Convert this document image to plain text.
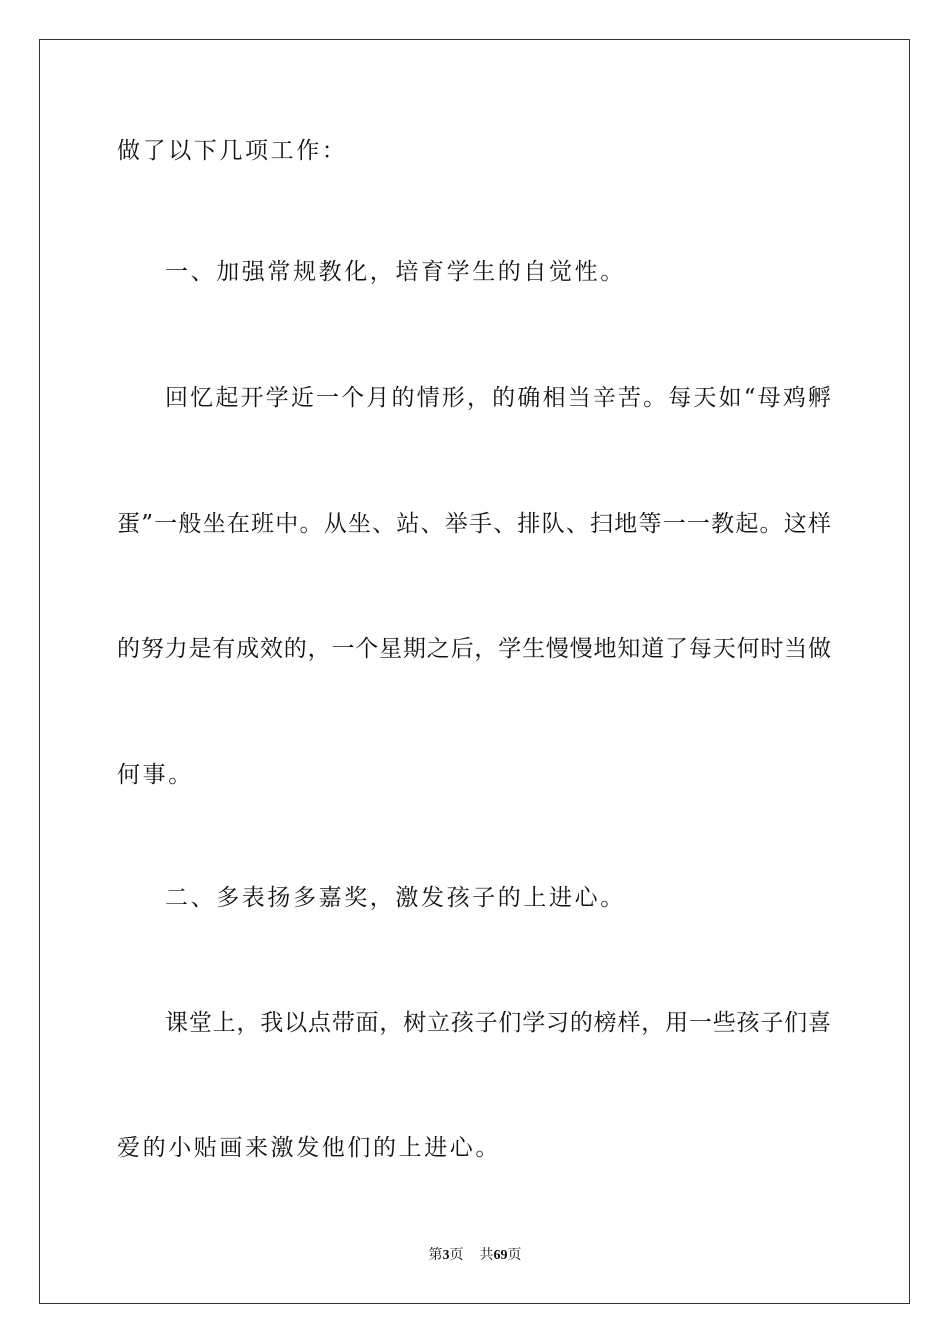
做了以下几项工作：
一、加强常规教化，培育学生的自觉性。
回忆起开学近一个月的情形，的确相当辛苦。每天如“母鸡孵
蛋”一般坐在班中。从坐、站、举手、排队、扫地等一一教起。这样
的努力是有成效的，一个星期之后，学生慢慢地知道了每天何时当做
何事。
二、多表扬多嘉奖，激发孩子的上进心。
课堂上，我以点带面，树立孩子们学习的榜样，用一些孩子们喜
爱的小贴画来激发他们的上进心。
第3页 共69页
